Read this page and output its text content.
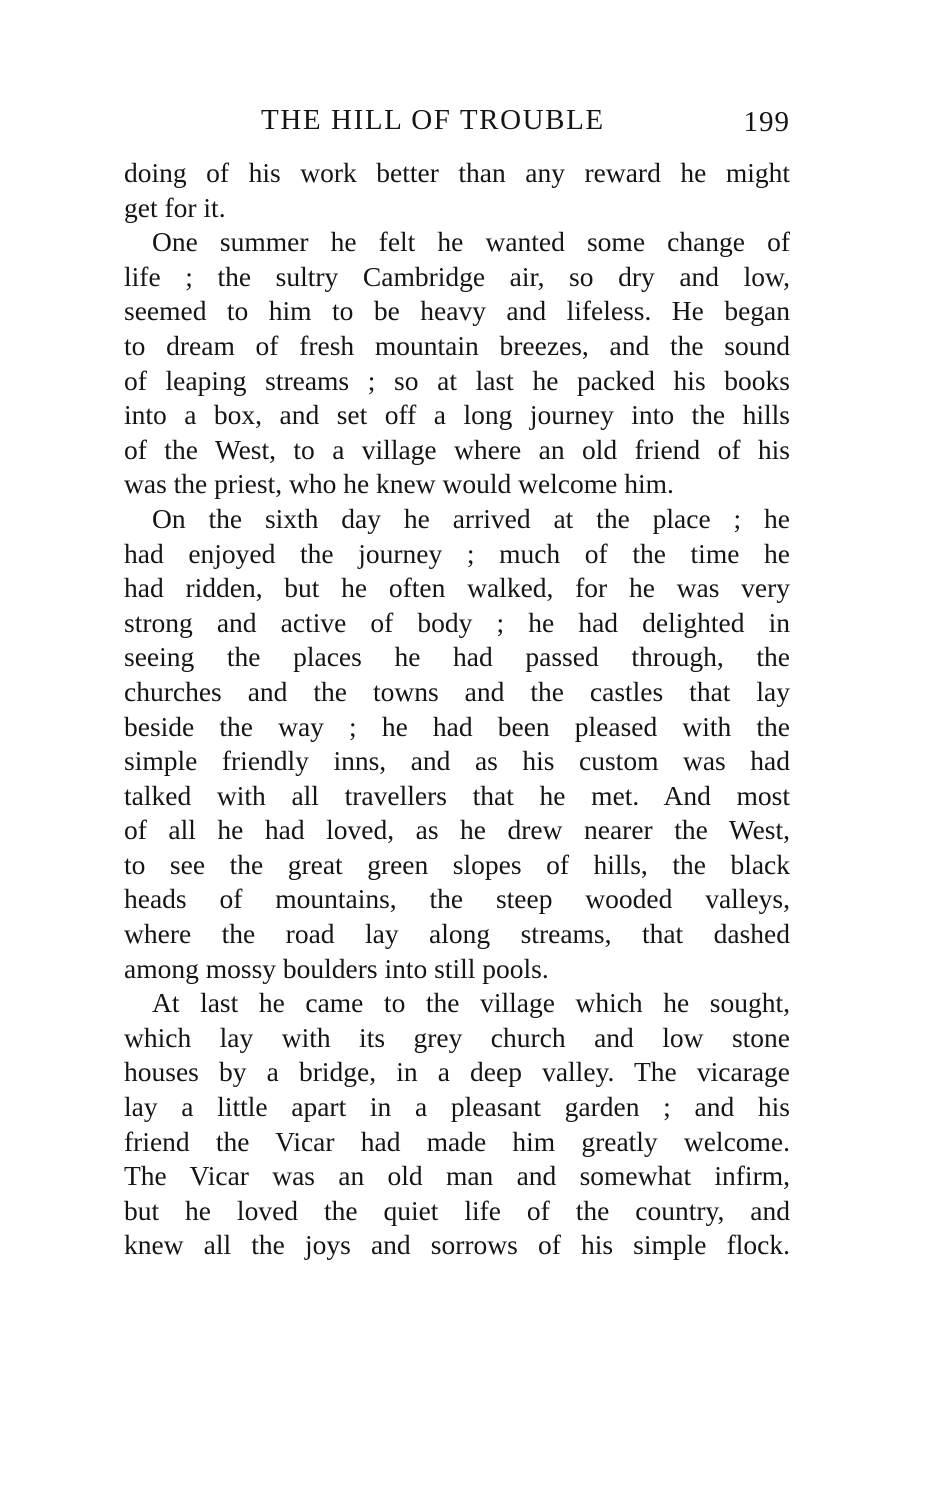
THE HILL OF TROUBLE	199

doing of his work better than any reward he might
get for it.

One summer he felt he wanted some change of
life ; the sultry Cambridge air, so dry and low,
seemed to him to be heavy and lifeless. He began
to dream of fresh mountain breezes, and the sound
of leaping streams ; so at last he packed his books
into a box, and set off a long journey into the hills
of the West, to a village where an old friend of his
was the priest, who he knew would welcome him.

On the sixth day he arrived at the place ; he
had enjoyed the journey ; much of the time he
had ridden, but he often walked, for he was very
strong and active of body ; he had delighted in
seeing the places he had passed through, the
churches and the towns and the castles that lay
beside the way ; he had been pleased with the
simple friendly inns, and as his custom was had
talked with all travellers that he met. And most
of all he had loved, as he drew nearer the West,
to see the great green slopes of hills, the black
heads of mountains, the steep wooded valleys,
where the road lay along streams, that dashed
among mossy boulders into still pools.

At last he came to the village which he sought,
which lay with its grey church and low stone
houses by a bridge, in a deep valley. The vicarage
lay a little apart in a pleasant garden ; and his
friend the Vicar had made him greatly welcome.
The Vicar was an old man and somewhat infirm,
but he loved the quiet life of the country, and
knew all the joys and sorrows of his simple flock.
